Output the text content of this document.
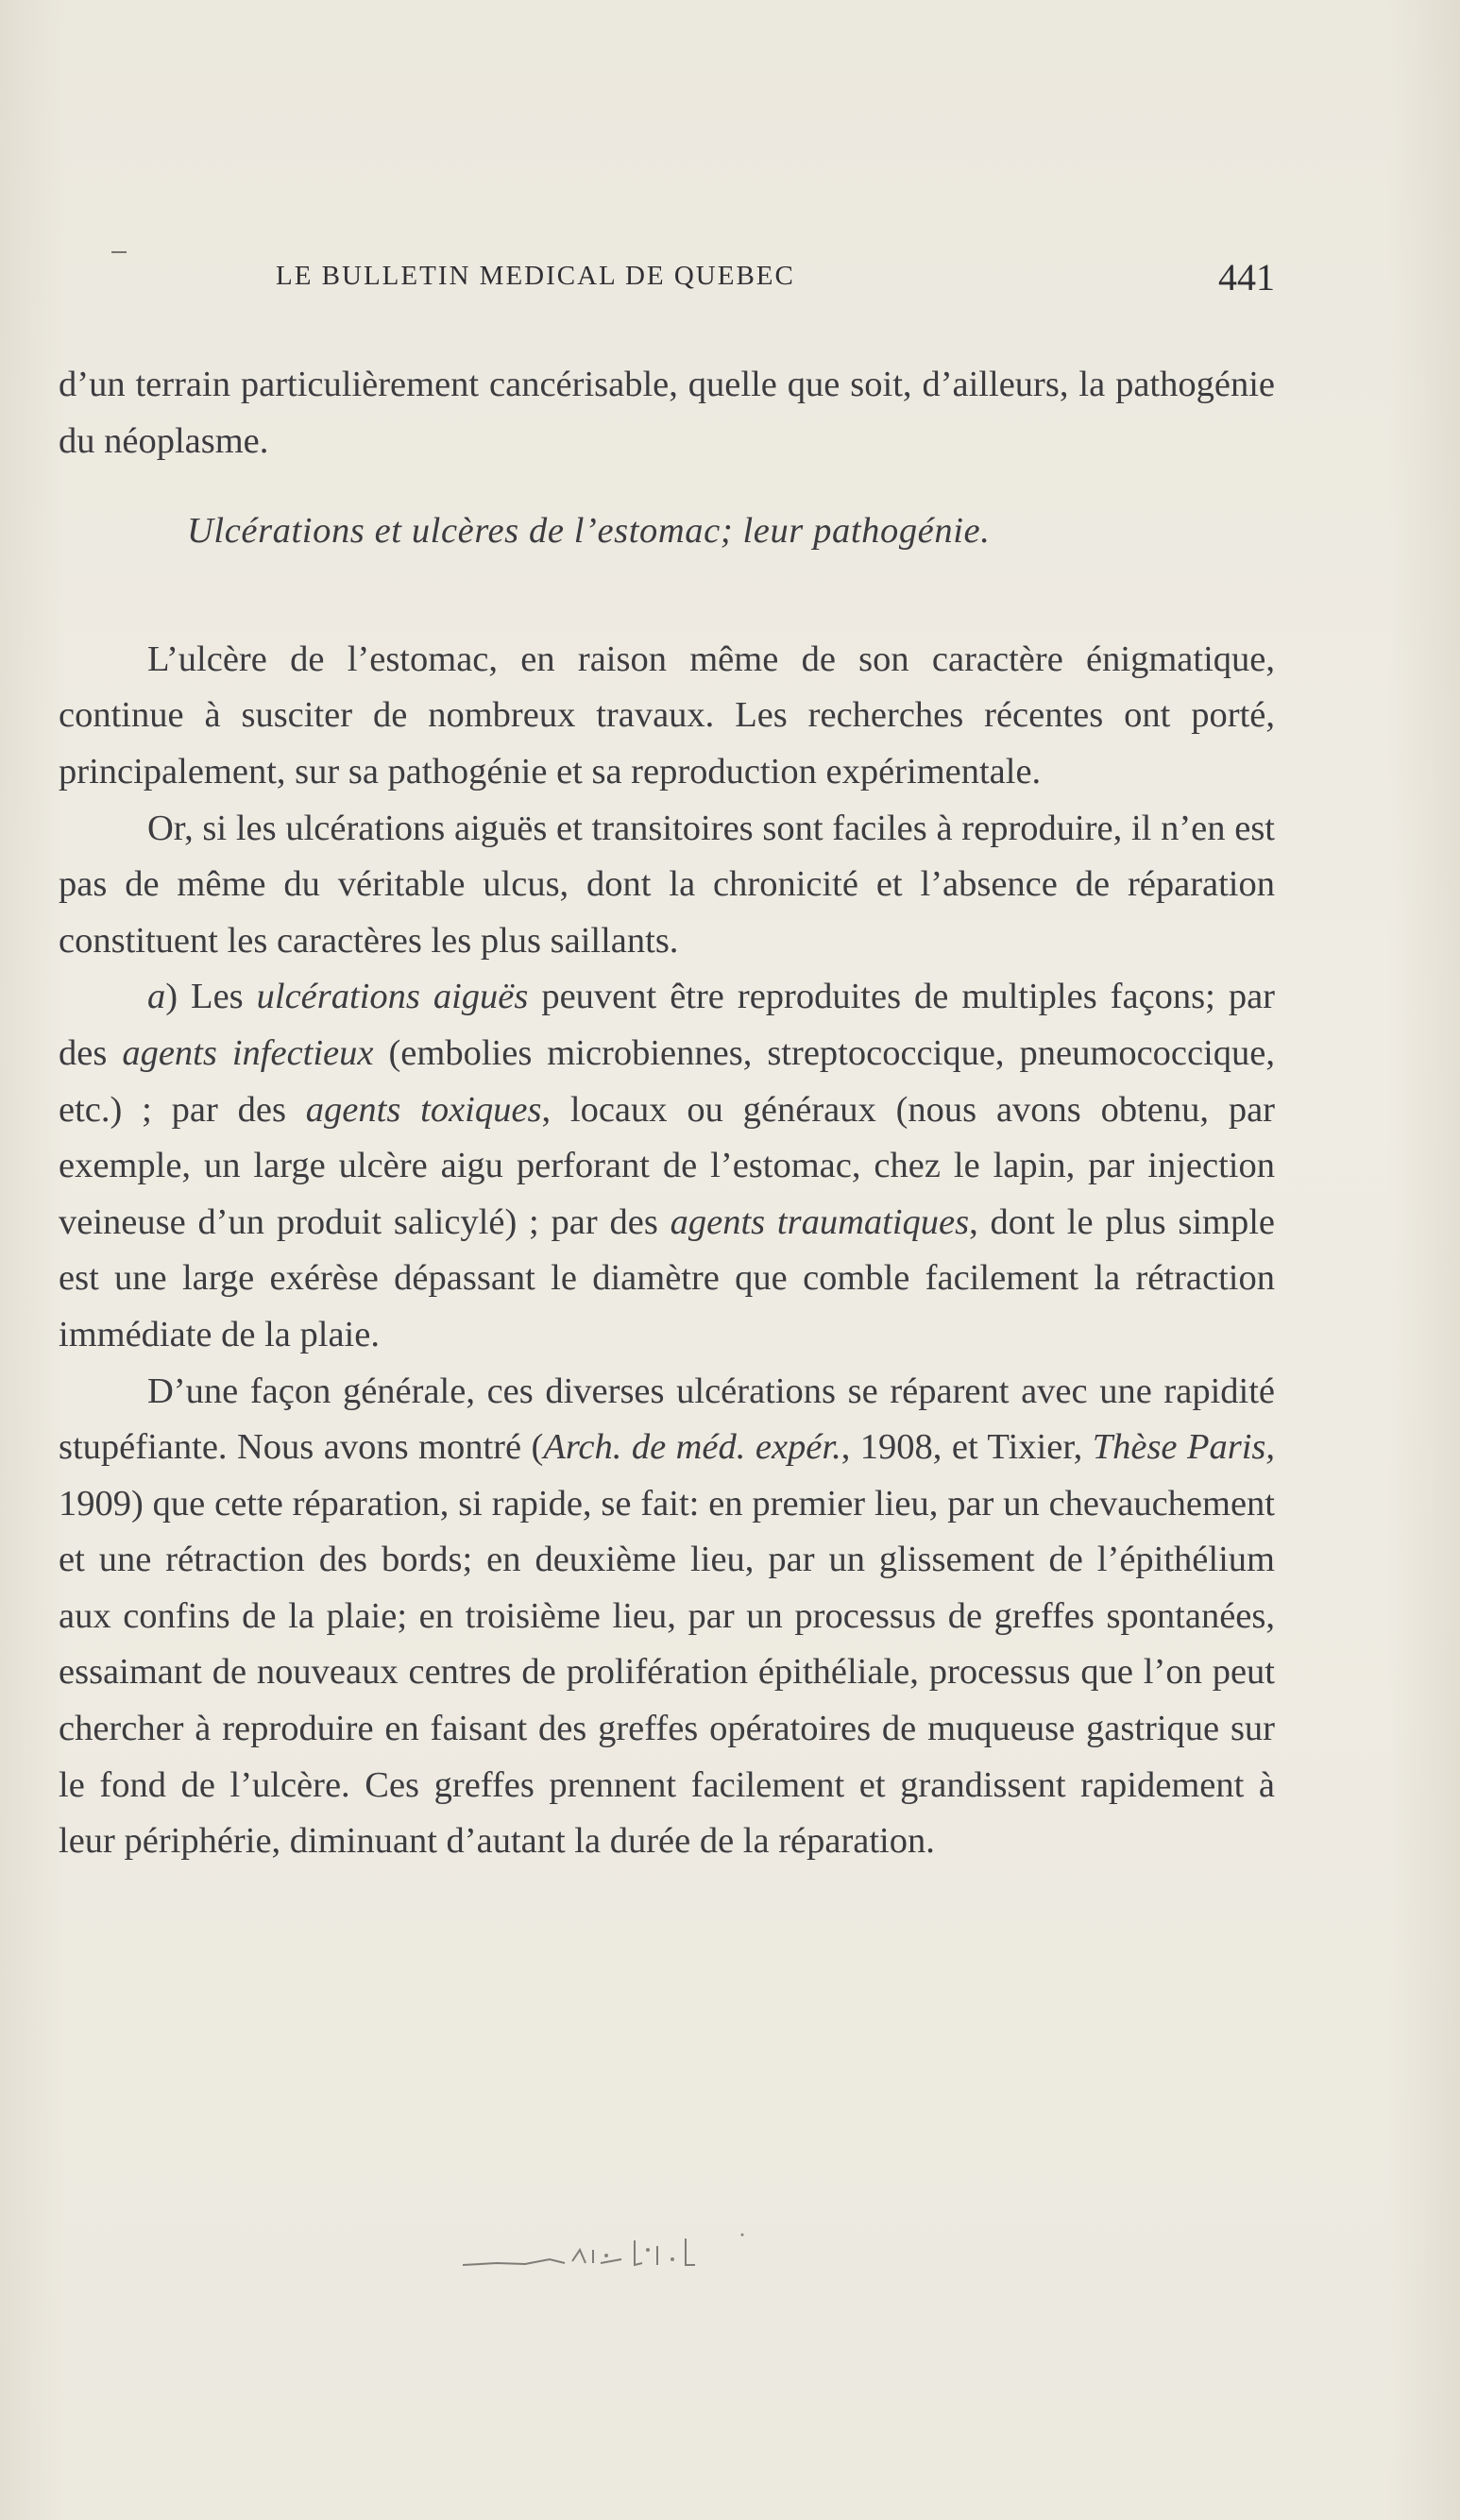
LE BULLETIN MEDICAL DE QUEBEC	441

d’un terrain particulièrement cancérisable, quelle que soit, d’ailleurs, la pathogénie du néoplasme.

Ulcérations et ulcères de l’estomac; leur pathogénie.

L’ulcère de l’estomac, en raison même de son caractère énigmatique, continue à susciter de nombreux travaux. Les recherches récentes ont porté, principalement, sur sa pathogénie et sa reproduction expérimentale.

Or, si les ulcérations aiguës et transitoires sont faciles à reproduire, il n’en est pas de même du véritable ulcus, dont la chronicité et l’absence de réparation constituent les caractères les plus saillants.

a) Les ulcérations aiguës peuvent être reproduites de multiples façons; par des agents infectieux (embolies microbiennes, streptococcique, pneumococcique, etc.) ; par des agents toxiques, locaux ou généraux (nous avons obtenu, par exemple, un large ulcère aigu perforant de l’estomac, chez le lapin, par injection veineuse d’un produit salicylé) ; par des agents traumatiques, dont le plus simple est une large exérèse dépassant le diamètre que comble facilement la rétraction immédiate de la plaie.

D’une façon générale, ces diverses ulcérations se réparent avec une rapidité stupéfiante. Nous avons montré (Arch. de méd. expér., 1908, et Tixier, Thèse Paris, 1909) que cette réparation, si rapide, se fait: en premier lieu, par un chevauchement et une rétraction des bords; en deuxième lieu, par un glissement de l’épithélium aux confins de la plaie; en troisième lieu, par un processus de greffes spontanées, essaimant de nouveaux centres de prolifération épithéliale, processus que l’on peut chercher à reproduire en faisant des greffes opératoires de muqueuse gastrique sur le fond de l’ulcère. Ces greffes prennent facilement et grandissent rapidement à leur périphérie, diminuant d’autant la durée de la réparation.
